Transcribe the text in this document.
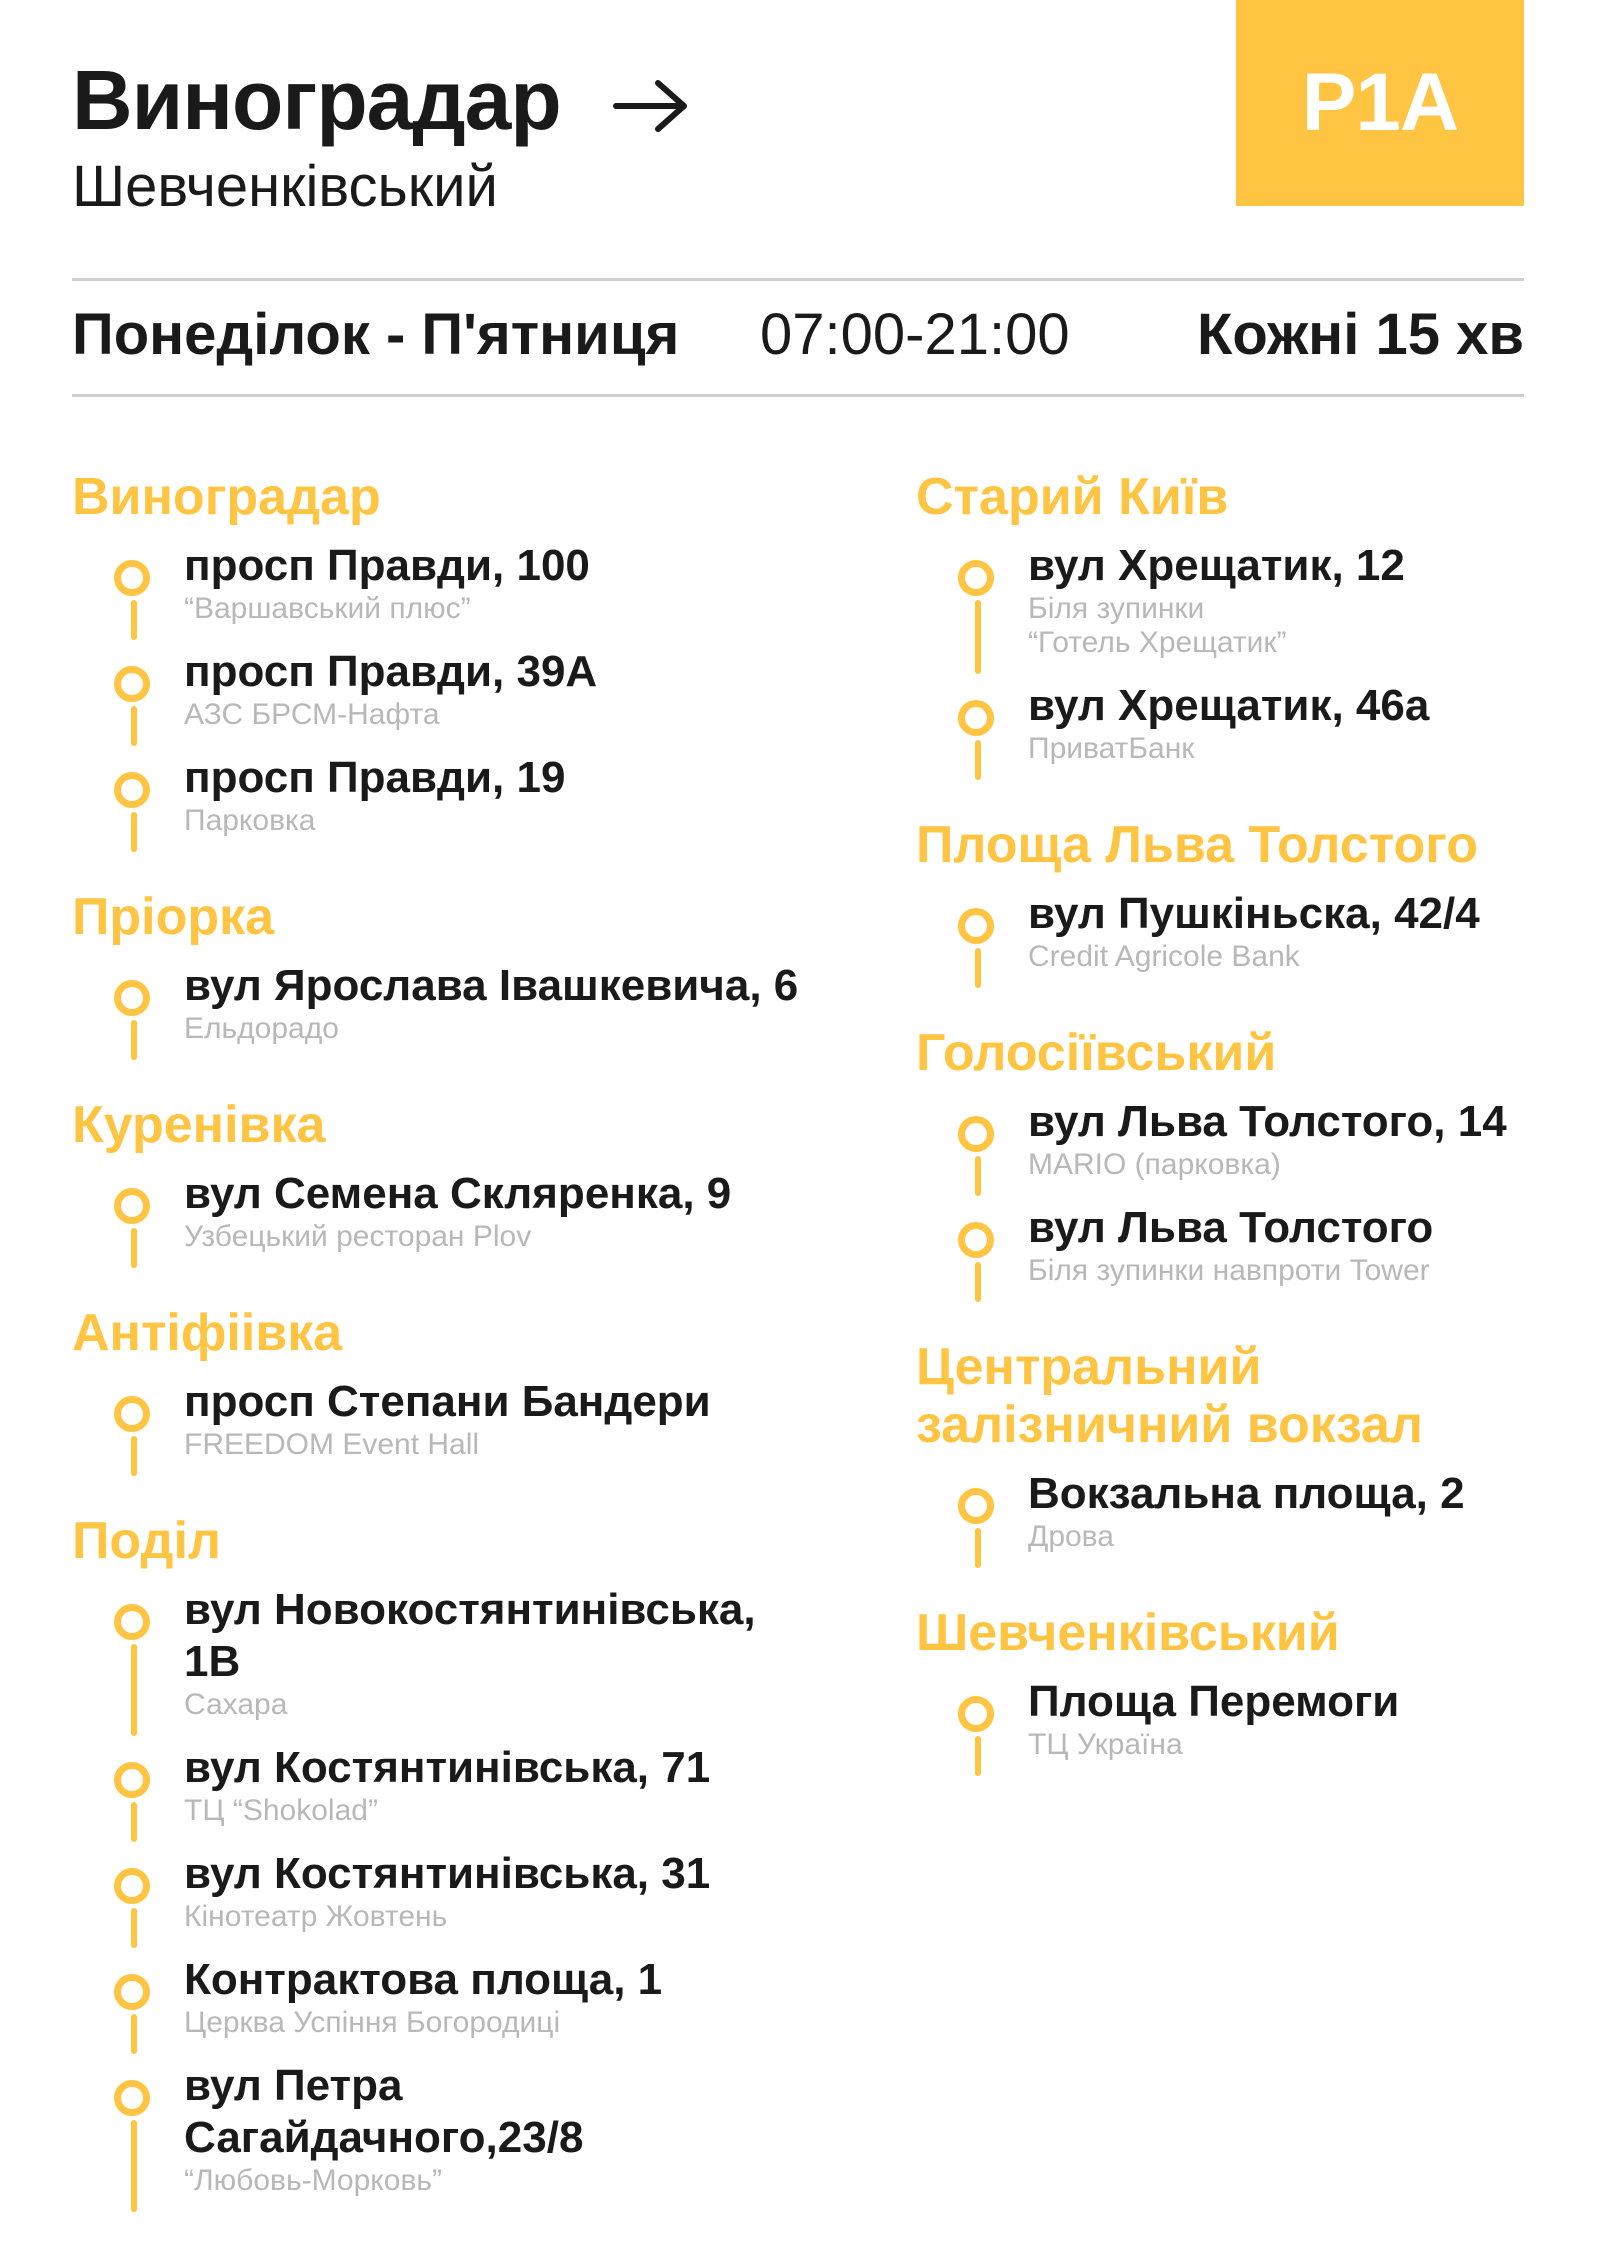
Виноградар
Шевченківський
Р1А
Понеділок - П'ятниця 07:00-21:00 Кожні 15 хв
Виноградар
просп Правди, 100
“Варшавський плюс”
просп Правди, 39А
АЗС БРСМ-Нафта
просп Правди, 19
Парковка
Пріорка
вул Ярослава Івашкевича, 6
Ельдорадо
Куренівка
вул Семена Скляренка, 9
Узбецький ресторан Plov
Антіфіівка
просп Степани Бандери
FREEDOM Event Hall
Поділ
вул Новокостянтинівська, 1В
Сахара
вул Костянтинівська, 71
ТЦ “Shokolad”
вул Костянтинівська, 31
Кінотеатр Жовтень
Контрактова площа, 1
Церква Успіння Богородиці
вул Петра Сагайдачного,23/8
“Любовь-Морковь”
Старий Київ
вул Хрещатик, 12
Біля зупинки
“Готель Хрещатик”
вул Хрещатик, 46а
ПриватБанк
Площа Льва Толстого
вул Пушкіньска, 42/4
Credit Agricole Bank
Голосіївський
вул Льва Толстого, 14
MARIO (парковка)
вул Льва Толстого
Біля зупинки навпроти Tower
Центральний
залізничний вокзал
Вокзальна площа, 2
Дрова
Шевченківський
Площа Перемоги
ТЦ Україна
